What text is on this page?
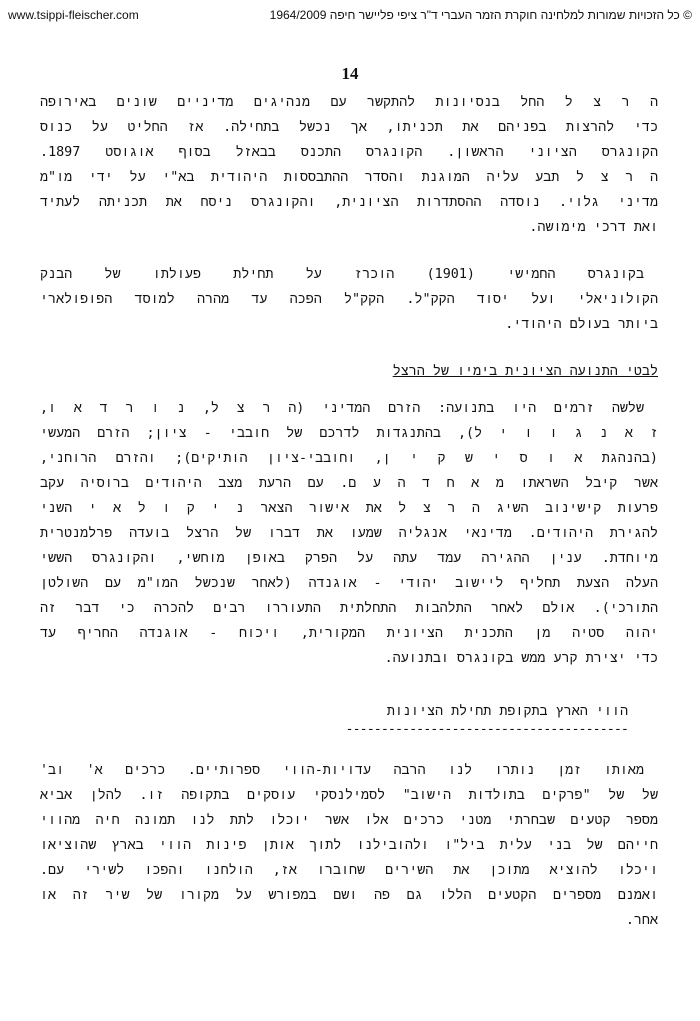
www.tsippi-fleischer.com	© כל הזכויות שמורות למלחינה חוקרת הזמר העברי ד"ר ציפי פליישר חיפה 1964/2009
14
ה ר צ ל החל בנסיונות להתקשר עם מנהיגים מדיניים שונים באירופה
כדי להרצות בפניהם את תכניתו, אך נכשל בתחילה. אז החליט על כנוס
הקונגרס הציוני הראשון. הקונגרס התכנס בבאזל בסוף אוגוסט 1897.
ה ר צ ל תבע עליה המוגנת והסדר ההתבססות היהודית בא"י על ידי מו"מ
מדיני גלוי. נוסדה ההסתדרות הציונית, והקונגרס ניסח את תכניתה לעתיד
ואת דרכי מימושה.
בקונגרס החמישי (1901) הוכרז על תחילת פעולתו של הבנק
הקולוניאלי ועל יסוד הקק"ל. הקק"ל הפכה עד מהרה למוסד הפופולארי
ביותר בעולם היהודי.
לבטי התנועה הציונית בימיו של הרצל
שלשה זרמים היו בתנועה: הזרם המדיני (ה ר צ ל, נ ו ר ד א ו,
ז א נ ג ו ו י ל), בהתנגדות לדרכם של חובבי - ציון; הזרם המעשי
(בהנהגת א ו ס י ש ק י ן, וחובבי-ציון הותיקים); והזרם הרוחני,
אשר קיבל השראתו מ א ח ד ה ע ם. עם הרעת מצב היהודים ברוסיה עקב
פרעות קישינוב השיג ה ר צ ל את אישור הצאר נ י ק ו ל א י השני
להגירת היהודים. מדינאי אנגליה שמעו את דברו של הרצל בועדה פרלמנטרית
מיוחדת. ענין ההגירה עמד עתה על הפרק באופן מוחשי, והקונגרס הששי
העלה הצעת תחליף ליישוב יהודי - אוגנדה (לאחר שנכשל המו"מ עם השולטן
התורכי). אולם לאחר התלהבות התחלתית התעוררו רבים להכרה כי דבר זה
יהוה סטיה מן התכנית הציונית המקורית, ויכוח - אוגנדה החריף עד
כדי יצירת קרע ממש בקונגרס ובתנועה.
הווי הארץ בתקופת תחילת הציונות
----------------------------------------
מאותו זמן נותרו לנו הרבה עדויות-הווי ספרותיים. כרכים א' וב'
של של "פרקים בתולדות הישוב" לסמילנסקי עוסקים בתקופה זו. להלן אביא
מספר קטעים שבחרתי מטני כרכים אלו אשר יוכלו לתת לנו תמונה חיה מהווי
חייהם של בני עלית ביל"ו ולהובילנו לתוך אותן פינות הווי בארץ שהוציאו
ויכלו להוציא מתוכן את השירים שחוברו אז, הולחנו והפכו לשירי עם.
ואמנם מספרים הקטעים הללו גם פה ושם במפורש על מקורו של שיר זה או
אחר.
